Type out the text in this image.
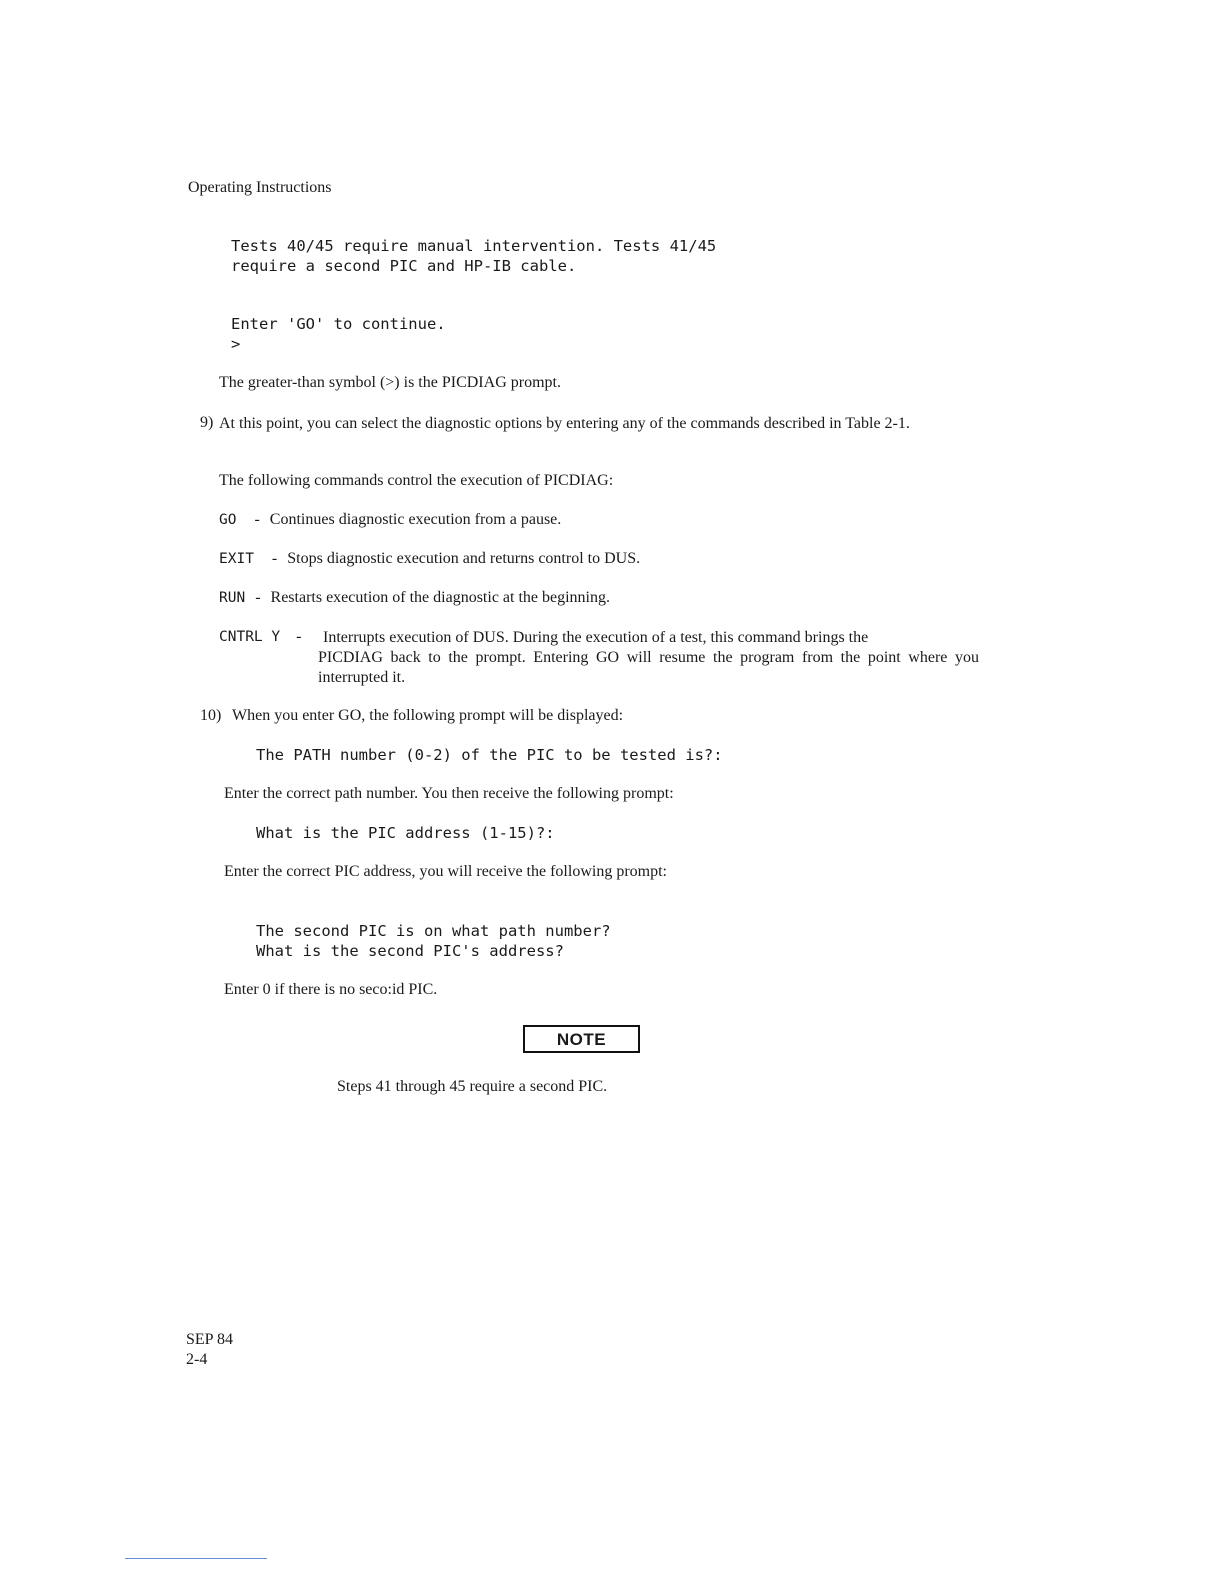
Operating Instructions
Tests 40/45 require manual intervention. Tests 41/45
require a second PIC and HP-IB cable.
Enter 'GO' to continue.
>
The greater-than symbol (>) is the PICDIAG prompt.
9) At this point, you can select the diagnostic options by entering any of the commands described in Table 2-1.
The following commands control the execution of PICDIAG:
GO - Continues diagnostic execution from a pause.
EXIT - Stops diagnostic execution and returns control to DUS.
RUN - Restarts execution of the diagnostic at the beginning.
CNTRL Y - Interrupts execution of DUS. During the execution of a test, this command brings the
PICDIAG back to the prompt. Entering GO will resume the program from the point where you interrupted it.
10) When you enter GO, the following prompt will be displayed:
The PATH number (0-2) of the PIC to be tested is?:
Enter the correct path number. You then receive the following prompt:
What is the PIC address (1-15)?:
Enter the correct PIC address, you will receive the following prompt:
The second PIC is on what path number?
What is the second PIC's address?
Enter 0 if there is no seco:id PIC.
NOTE
Steps 41 through 45 require a second PIC.
SEP 84
2-4
